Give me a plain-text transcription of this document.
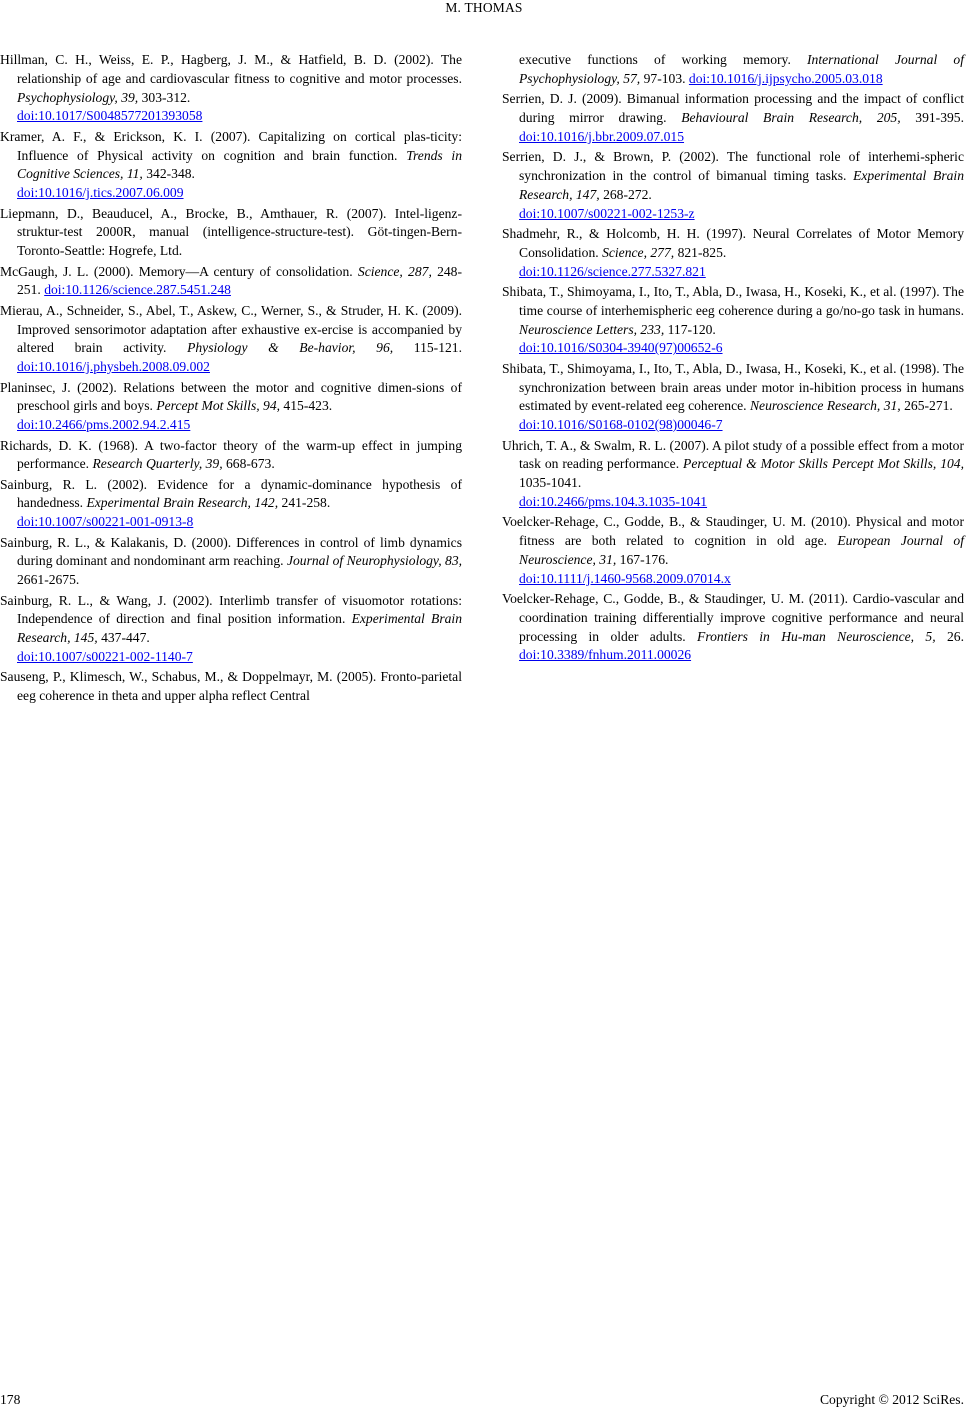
M. THOMAS

Hillman, C. H., Weiss, E. P., Hagberg, J. M., & Hatfield, B. D. (2002). The relationship of age and cardiovascular fitness to cognitive and motor processes. Psychophysiology, 39, 303-312.
doi:10.1017/S0048577201393058

Kramer, A. F., & Erickson, K. I. (2007). Capitalizing on cortical plas-ticity: Influence of Physical activity on cognition and brain function. Trends in Cognitive Sciences, 11, 342-348.
doi:10.1016/j.tics.2007.06.009

Liepmann, D., Beauducel, A., Brocke, B., Amthauer, R. (2007). Intel-ligenz-struktur-test 2000R, manual (intelligence-structure-test). Göt-tingen-Bern-Toronto-Seattle: Hogrefe, Ltd.

McGaugh, J. L. (2000). Memory—A century of consolidation. Science, 287, 248-251. doi:10.1126/science.287.5451.248

Mierau, A., Schneider, S., Abel, T., Askew, C., Werner, S., & Struder, H. K. (2009). Improved sensorimotor adaptation after exhaustive ex-ercise is accompanied by altered brain activity. Physiology & Be-havior, 96, 115-121. doi:10.1016/j.physbeh.2008.09.002

Planinsec, J. (2002). Relations between the motor and cognitive dimen-sions of preschool girls and boys. Percept Mot Skills, 94, 415-423.
doi:10.2466/pms.2002.94.2.415

Richards, D. K. (1968). A two-factor theory of the warm-up effect in jumping performance. Research Quarterly, 39, 668-673.

Sainburg, R. L. (2002). Evidence for a dynamic-dominance hypothesis of handedness. Experimental Brain Research, 142, 241-258.
doi:10.1007/s00221-001-0913-8

Sainburg, R. L., & Kalakanis, D. (2000). Differences in control of limb dynamics during dominant and nondominant arm reaching. Journal of Neurophysiology, 83, 2661-2675.

Sainburg, R. L., & Wang, J. (2002). Interlimb transfer of visuomotor rotations: Independence of direction and final position information. Experimental Brain Research, 145, 437-447.
doi:10.1007/s00221-002-1140-7

Sauseng, P., Klimesch, W., Schabus, M., & Doppelmayr, M. (2005). Fronto-parietal eeg coherence in theta and upper alpha reflect Central

executive functions of working memory. International Journal of Psychophysiology, 57, 97-103. doi:10.1016/j.ijpsycho.2005.03.018

Serrien, D. J. (2009). Bimanual information processing and the impact of conflict during mirror drawing. Behavioural Brain Research, 205, 391-395. doi:10.1016/j.bbr.2009.07.015

Serrien, D. J., & Brown, P. (2002). The functional role of interhemi-spheric synchronization in the control of bimanual timing tasks. Experimental Brain Research, 147, 268-272.
doi:10.1007/s00221-002-1253-z

Shadmehr, R., & Holcomb, H. H. (1997). Neural Correlates of Motor Memory Consolidation. Science, 277, 821-825.
doi:10.1126/science.277.5327.821

Shibata, T., Shimoyama, I., Ito, T., Abla, D., Iwasa, H., Koseki, K., et al. (1997). The time course of interhemispheric eeg coherence during a go/no-go task in humans. Neuroscience Letters, 233, 117-120.
doi:10.1016/S0304-3940(97)00652-6

Shibata, T., Shimoyama, I., Ito, T., Abla, D., Iwasa, H., Koseki, K., et al. (1998). The synchronization between brain areas under motor in-hibition process in humans estimated by event-related eeg coherence. Neuroscience Research, 31, 265-271.
doi:10.1016/S0168-0102(98)00046-7

Uhrich, T. A., & Swalm, R. L. (2007). A pilot study of a possible effect from a motor task on reading performance. Perceptual & Motor Skills Percept Mot Skills, 104, 1035-1041.
doi:10.2466/pms.104.3.1035-1041

Voelcker-Rehage, C., Godde, B., & Staudinger, U. M. (2010). Physical and motor fitness are both related to cognition in old age. European Journal of Neuroscience, 31, 167-176.
doi:10.1111/j.1460-9568.2009.07014.x

Voelcker-Rehage, C., Godde, B., & Staudinger, U. M. (2011). Cardio-vascular and coordination training differentially improve cognitive performance and neural processing in older adults. Frontiers in Hu-man Neuroscience, 5, 26. doi:10.3389/fnhum.2011.00026

178	Copyright © 2012 SciRes.
